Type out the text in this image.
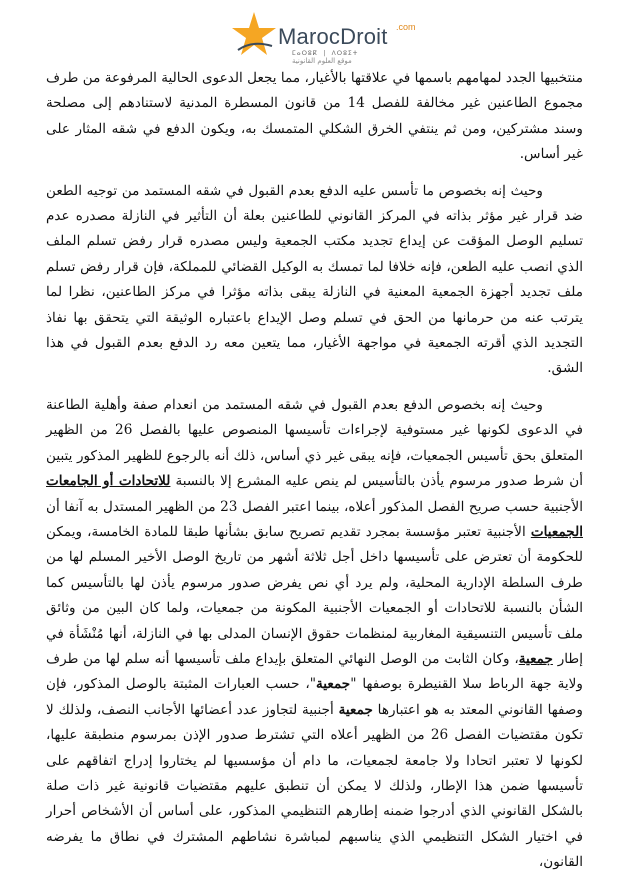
MarocDroit .com
ⵎⴰⵔⵓⴽ | ⴷⵔⵓⵉⵜ
موقع العلوم القانونية

منتخبيها الجدد لمهامهم باسمها في علاقتها بالأغيار، مما يجعل الدعوى الحالية المرفوعة من طرف مجموع الطاعنين غير مخالفة للفصل 14 من قانون المسطرة المدنية لاستنادهم إلى مصلحة وسند مشتركين، ومن ثم ينتفي الخرق الشكلي المتمسك به، ويكون الدفع في شقه المثار على غير أساس.

وحيث إنه بخصوص ما تأسس عليه الدفع بعدم القبول في شقه المستمد من توجيه الطعن ضد قرار غير مؤثر بذاته في المركز القانوني للطاعنين بعلة أن التأثير في النازلة مصدره عدم تسليم الوصل المؤقت عن إيداع تجديد مكتب الجمعية وليس مصدره قرار رفض تسلم الملف الذي انصب عليه الطعن، فإنه خلافا لما تمسك به الوكيل القضائي للمملكة، فإن قرار رفض تسلم ملف تجديد أجهزة الجمعية المعنية في النازلة يبقى بذاته مؤثرا في مركز الطاعنين، نظرا لما يترتب عنه من حرمانها من الحق في تسلم وصل الإيداع باعتباره الوثيقة التي يتحقق بها نفاذ التجديد الذي أقرته الجمعية في مواجهة الأغيار، مما يتعين معه رد الدفع بعدم القبول في هذا الشق.

وحيث إنه بخصوص الدفع بعدم القبول في شقه المستمد من انعدام صفة وأهلية الطاعنة في الدعوى لكونها غير مستوفية لإجراءات تأسيسها المنصوص عليها بالفصل 26 من الظهير المتعلق بحق تأسيس الجمعيات، فإنه يبقى غير ذي أساس، ذلك أنه بالرجوع للظهير المذكور يتبين أن شرط صدور مرسوم يأذن بالتأسيس لم ينص عليه المشرع إلا بالنسبة للاتحادات أو الجامعات الأجنبية حسب صريح الفصل المذكور أعلاه، بينما اعتبر الفصل 23 من الظهير المستدل به آنفا أن الجمعيات الأجنبية تعتبر مؤسسة بمجرد تقديم تصريح سابق بشأنها طبقا للمادة الخامسة، ويمكن للحكومة أن تعترض على تأسيسها داخل أجل ثلاثة أشهر من تاريخ الوصل الأخير المسلم لها من طرف السلطة الإدارية المحلية، ولم يرد أي نص يفرض صدور مرسوم يأذن لها بالتأسيس كما الشأن بالنسبة للاتحادات أو الجمعيات الأجنبية المكونة من جمعيات، ولما كان البين من وثائق ملف تأسيس التنسيقية المغاربية لمنظمات حقوق الإنسان المدلى بها في النازلة، أنها مُنْشَأة في إطار جمعية، وكان الثابت من الوصل النهائي المتعلق بإيداع ملف تأسيسها أنه سلم لها من طرف ولاية جهة الرباط سلا القنيطرة بوصفها "جمعية"، حسب العبارات المثبتة بالوصل المذكور، فإن وصفها القانوني المعتد به هو اعتبارها جمعية أجنبية لتجاوز عدد أعضائها الأجانب النصف، ولذلك لا تكون مقتضيات الفصل 26 من الظهير أعلاه التي تشترط صدور الإذن بمرسوم منطبقة عليها، لكونها لا تعتبر اتحادا ولا جامعة لجمعيات، ما دام أن مؤسسيها لم يختاروا إدراج اتفاقهم على تأسيسها ضمن هذا الإطار، ولذلك لا يمكن أن تنطبق عليهم مقتضيات قانونية غير ذات صلة بالشكل القانوني الذي أدرجوا ضمنه إطارهم التنظيمي المذكور، على أساس أن الأشخاص أحرار في اختيار الشكل التنظيمي الذي يناسبهم لمباشرة نشاطهم المشترك في نطاق ما يفرضه القانون،
